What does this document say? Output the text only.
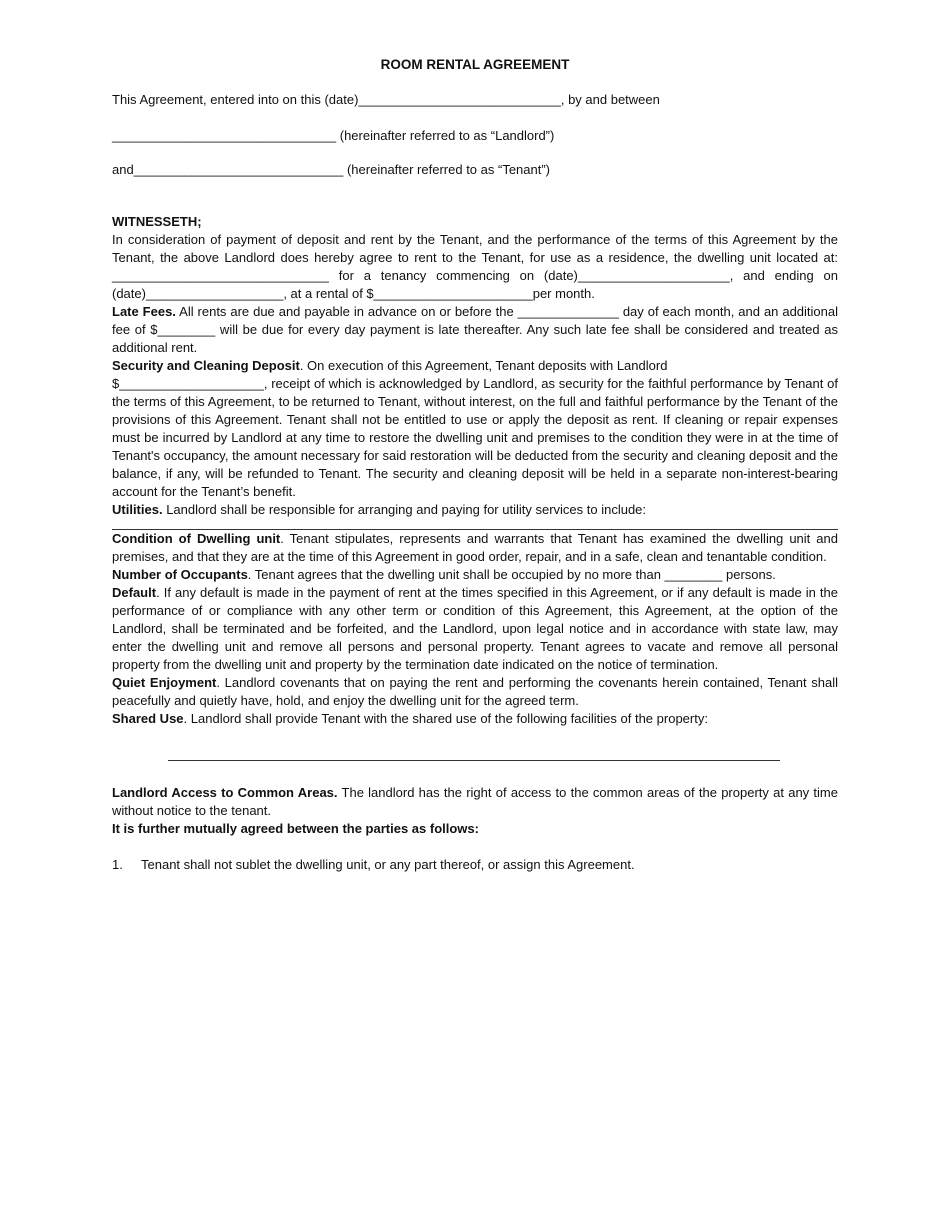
ROOM RENTAL AGREEMENT
This Agreement, entered into on this (date)____________________________, by and between
_______________________________ (hereinafter referred to as “Landlord”)
and_____________________________ (hereinafter referred to as “Tenant”)
WITNESSETH;

In consideration of payment of deposit and rent by the Tenant, and the performance of the terms of this Agreement by the Tenant, the above Landlord does hereby agree to rent to the Tenant, for use as a residence, the dwelling unit located at: ______________________________ for a tenancy commencing on (date)_____________________, and ending on (date)___________________, at a rental of $______________________per month.

Late Fees. All rents are due and payable in advance on or before the ______________ day of each month, and an additional fee of $________ will be due for every day payment is late thereafter. Any such late fee shall be considered and treated as additional rent.

Security and Cleaning Deposit. On execution of this Agreement, Tenant deposits with Landlord

$____________________, receipt of which is acknowledged by Landlord, as security for the faithful performance by Tenant of the terms of this Agreement, to be returned to Tenant, without interest, on the full and faithful performance by the Tenant of the provisions of this Agreement. Tenant shall not be entitled to use or apply the deposit as rent. If cleaning or repair expenses must be incurred by Landlord at any time to restore the dwelling unit and premises to the condition they were in at the time of Tenant's occupancy, the amount necessary for said restoration will be deducted from the security and cleaning deposit and the balance, if any, will be refunded to Tenant. The security and cleaning deposit will be held in a separate non-interest-bearing account for the Tenant’s benefit.

Utilities. Landlord shall be responsible for arranging and paying for utility services to include:

Condition of Dwelling unit. Tenant stipulates, represents and warrants that Tenant has examined the dwelling unit and premises, and that they are at the time of this Agreement in good order, repair, and in a safe, clean and tenantable condition.

Number of Occupants. Tenant agrees that the dwelling unit shall be occupied by no more than ________ persons.

Default. If any default is made in the payment of rent at the times specified in this Agreement, or if any default is made in the performance of or compliance with any other term or condition of this Agreement, this Agreement, at the option of the Landlord, shall be terminated and be forfeited, and the Landlord, upon legal notice and in accordance with state law, may enter the dwelling unit and remove all persons and personal property. Tenant agrees to vacate and remove all personal property from the dwelling unit and property by the termination date indicated on the notice of termination.

Quiet Enjoyment. Landlord covenants that on paying the rent and performing the covenants herein contained, Tenant shall peacefully and quietly have, hold, and enjoy the dwelling unit for the agreed term.

Shared Use. Landlord shall provide Tenant with the shared use of the following facilities of the property:

Landlord Access to Common Areas. The landlord has the right of access to the common areas of the property at any time without notice to the tenant.

It is further mutually agreed between the parties as follows:

1.	Tenant shall not sublet the dwelling unit, or any part thereof, or assign this Agreement.
